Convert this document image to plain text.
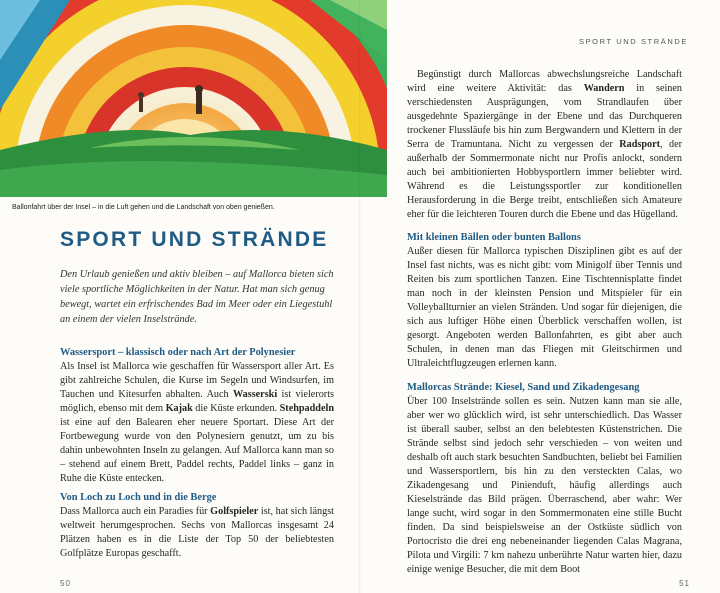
Ballonfahrt über der Insel – in die Luft gehen und die Landschaft von oben genießen.
SPORT UND STRÄNDE

Den Urlaub genießen und aktiv bleiben – auf Mallorca bieten sich viele sportliche Möglichkeiten in der Natur. Hat man sich genug bewegt, wartet ein erfrischendes Bad im Meer oder ein Liegestuhl an einem der vielen Inselstrände.

Wassersport – klassisch oder nach Art der Polynesier

Als Insel ist Mallorca wie geschaffen für Wassersport aller Art. Es gibt zahlreiche Schulen, die Kurse im Segeln und Windsurfen, im Tauchen und Kitesurfen abhalten. Auch Wasserski ist vielerorts möglich, ebenso mit dem Kajak die Küste erkunden. Stehpaddeln ist eine auf den Balearen eher neuere Sportart. Diese Art der Fortbewegung wurde von den Polynesiern genutzt, um zu bis dahin unbewohnten Inseln zu gelangen. Auf Mallorca kann man so – stehend auf einem Brett, Paddel rechts, Paddel links – ganz in Ruhe die Küste entecken.

Von Loch zu Loch und in die Berge

Dass Mallorca auch ein Paradies für Golfspieler ist, hat sich längst weltweit herumgesprochen. Sechs von Mallorcas insgesamt 24 Plätzen haben es in die Liste der Top 50 der beliebtesten Golfplätze Europas geschafft.

50
SPORT UND STRÄNDE

Begünstigt durch Mallorcas abwechslungsreiche Landschaft wird eine weitere Aktivität: das Wandern in seinen verschiedensten Ausprägungen, vom Strandlaufen über ausgedehnte Spaziergänge in der Ebene und das Durchqueren trockener Flussläufe bis hin zum Bergwandern und Klettern in der Serra de Tramuntana. Nicht zu vergessen der Radsport, der außerhalb der Sommermonate nicht nur Profis anlockt, sondern auch bei ambitionierten Hobbysportlern immer beliebter wird. Während es die Leistungssportler zur konditionellen Herausforderung in die Berge treibt, entschließen sich Amateure eher für die leichteren Touren durch die Ebene und das Hügelland.

Mit kleinen Bällen oder bunten Ballons

Außer diesen für Mallorca typischen Disziplinen gibt es auf der Insel fast nichts, was es nicht gibt: vom Minigolf über Tennis und Reiten bis zum sportlichen Tanzen. Eine Tischtennisplatte findet man noch in der kleinsten Pension und Mitspieler für ein Volleyballturnier an vielen Stränden. Und sogar für diejenigen, die sich aus luftiger Höhe einen Überblick verschaffen wollen, ist gesorgt. Angeboten werden Ballonfahrten, es gibt aber auch Schulen, in denen man das Fliegen mit Gleitschirmen und Ultraleichtflugzeugen erlernen kann.

Mallorcas Strände: Kiesel, Sand und Zikadengesang

Über 100 Inselstrände sollen es sein. Nutzen kann man sie alle, aber wer wo glücklich wird, ist sehr unterschiedlich. Das Wasser ist überall sauber, selbst an den belebtesten Küstenstrichen. Die Strände selbst sind jedoch sehr verschieden – von weiten und deshalb oft auch stark besuchten Sandbuchten, beliebt bei Familien und Wassersportlern, bis hin zu den versteckten Calas, wo Zikadengesang und Pinienduft, häufig allerdings auch Kieselstrände das Bild prägen. Überraschend, aber wahr: Wer lange sucht, wird sogar in den Sommermonaten eine stille Bucht finden. Da sind beispielsweise an der Ostküste südlich von Portocristo die drei eng nebeneinander liegenden Calas Magrana, Pilota und Virgili: 7 km nahezu unberührte Natur warten hier, dazu einige wenige Besucher, die mit dem Boot

51
